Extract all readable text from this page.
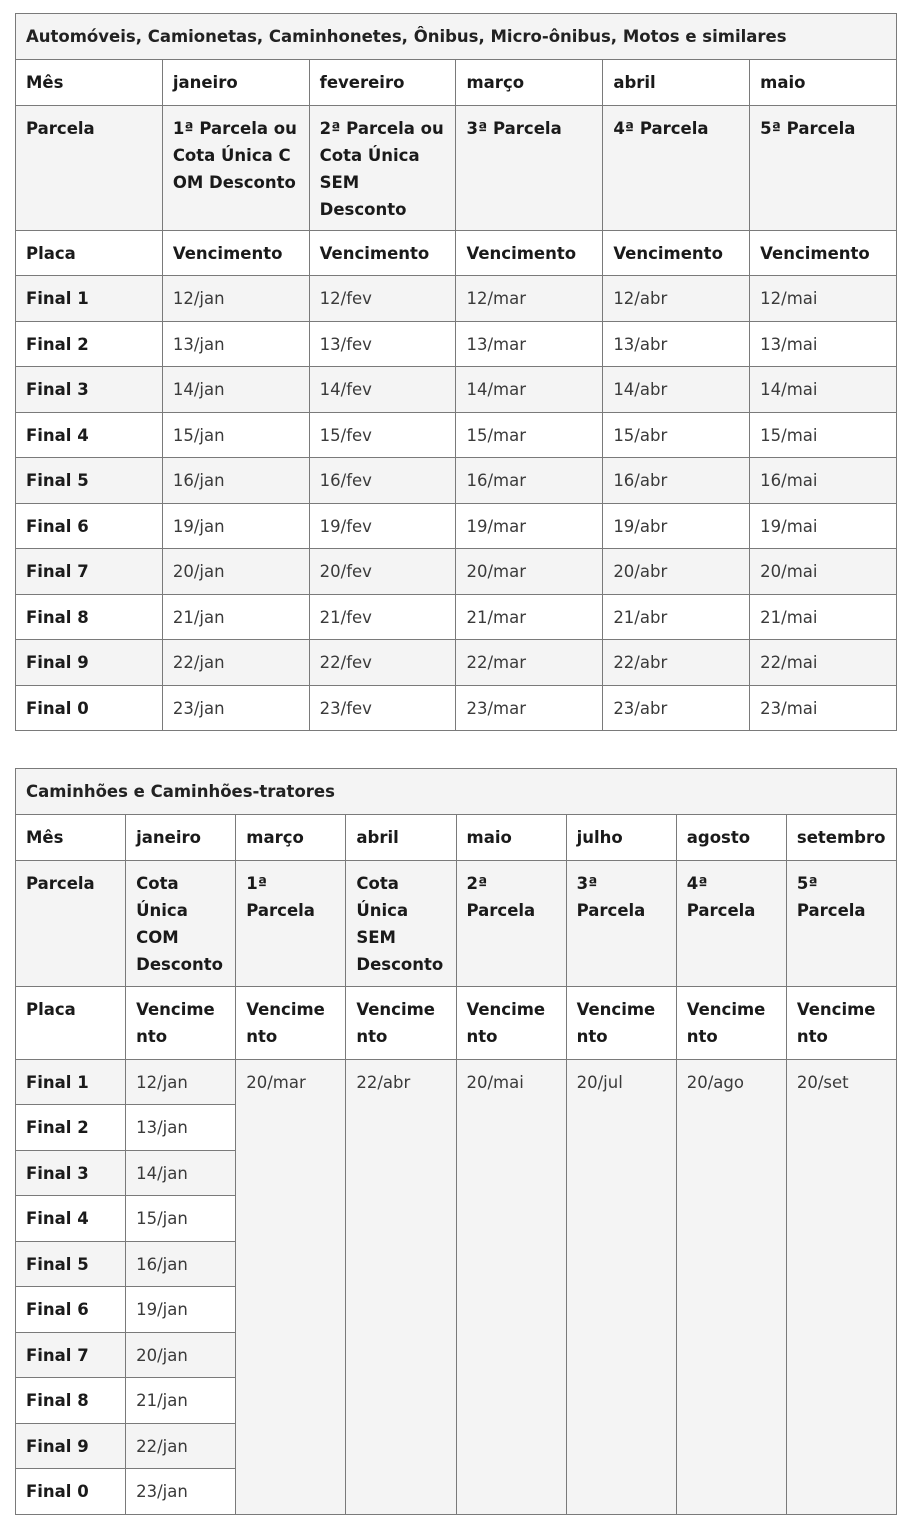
Automóveis, Camionetas, Caminhonetes, Ônibus, Micro-ônibus, Motos e similares					
Mês	janeiro	fevereiro	março	abril	maio
Parcela	1ª Parcela ou Cota Única COM Desconto	2ª Parcela ou Cota Única SEM Desconto	3ª Parcela	4ª Parcela	5ª Parcela
Placa	Vencimento	Vencimento	Vencimento	Vencimento	Vencimento
Final 1	12/jan	12/fev	12/mar	12/abr	12/mai
Final 2	13/jan	13/fev	13/mar	13/abr	13/mai
Final 3	14/jan	14/fev	14/mar	14/abr	14/mai
Final 4	15/jan	15/fev	15/mar	15/abr	15/mai
Final 5	16/jan	16/fev	16/mar	16/abr	16/mai
Final 6	19/jan	19/fev	19/mar	19/abr	19/mai
Final 7	20/jan	20/fev	20/mar	20/abr	20/mai
Final 8	21/jan	21/fev	21/mar	21/abr	21/mai
Final 9	22/jan	22/fev	22/mar	22/abr	22/mai
Final 0	23/jan	23/fev	23/mar	23/abr	23/mai
Caminhões e Caminhões-tratores							
Mês	janeiro	março	abril	maio	julho	agosto	setembro
Parcela	Cota Única COM Desconto	1ª Parcela	Cota Única SEM Desconto	2ª Parcela	3ª Parcela	4ª Parcela	5ª Parcela
Placa	Vencimento	Vencimento	Vencimento	Vencimento	Vencimento	Vencimento	Vencimento
Final 1	12/jan	20/mar	22/abr	20/mai	20/jul	20/ago	20/set
Final 2	13/jan						
Final 3	14/jan						
Final 4	15/jan						
Final 5	16/jan						
Final 6	19/jan						
Final 7	20/jan						
Final 8	21/jan						
Final 9	22/jan						
Final 0	23/jan						
